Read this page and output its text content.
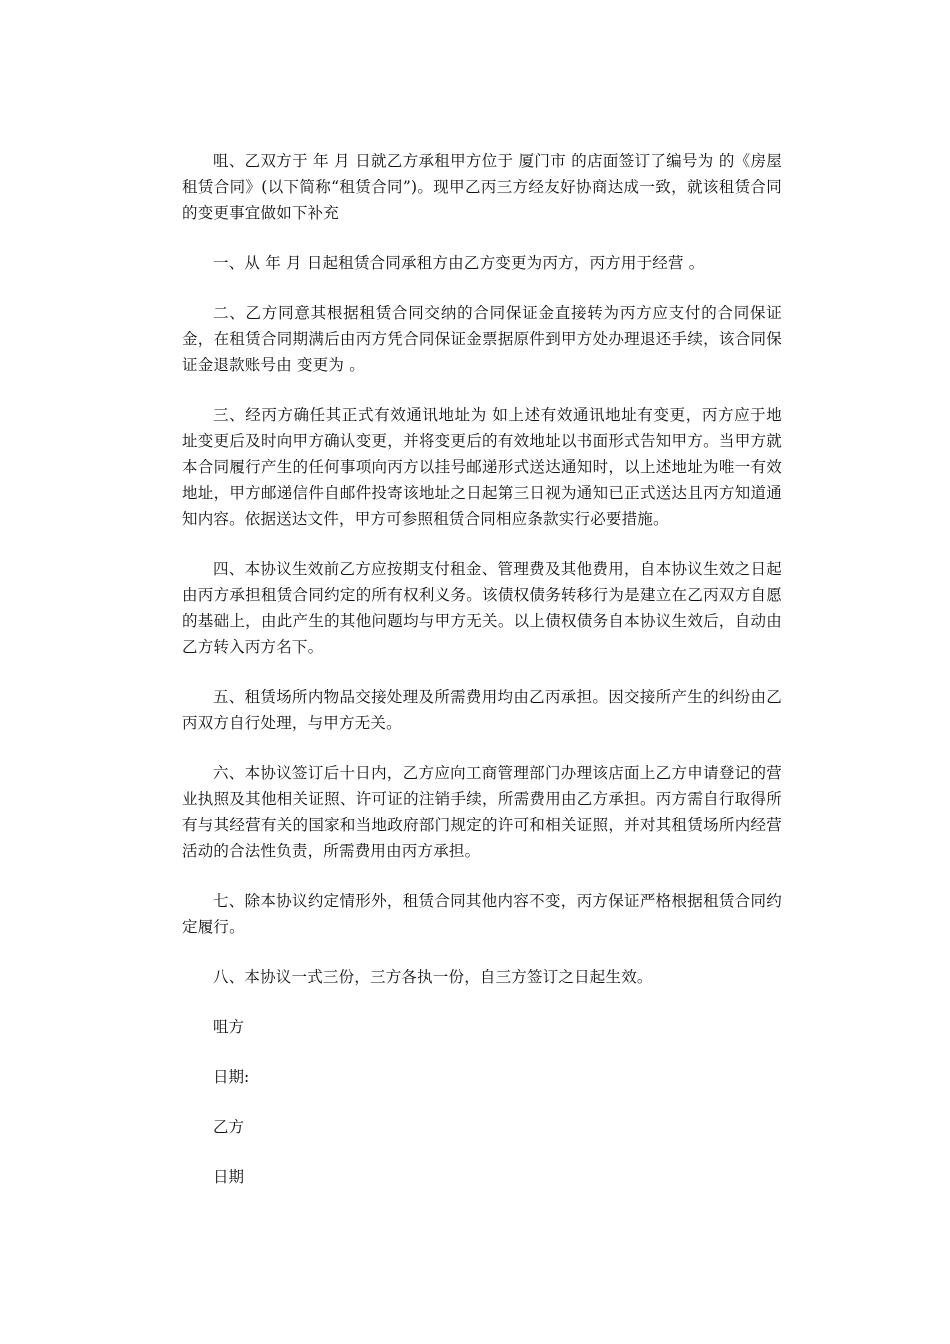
咀、乙双方于 年 月 日就乙方承租甲方位于 厦门市 的店面签订了编号为 的《房屋租赁合同》(以下简称“租赁合同”)。现甲乙丙三方经友好协商达成一致，就该租赁合同的变更事宜做如下补充

一、从 年 月 日起租赁合同承租方由乙方变更为丙方，丙方用于经营 。

二、乙方同意其根据租赁合同交纳的合同保证金直接转为丙方应支付的合同保证金，在租赁合同期满后由丙方凭合同保证金票据原件到甲方处办理退还手续，该合同保证金退款账号由 变更为 。

三、经丙方确任其正式有效通讯地址为 如上述有效通讯地址有变更，丙方应于地址变更后及时向甲方确认变更，并将变更后的有效地址以书面形式告知甲方。当甲方就本合同履行产生的任何事项向丙方以挂号邮递形式送达通知时，以上述地址为唯一有效地址，甲方邮递信件自邮件投寄该地址之日起第三日视为通知已正式送达且丙方知道通知内容。依据送达文件，甲方可参照租赁合同相应条款实行必要措施。

四、本协议生效前乙方应按期支付租金、管理费及其他费用，自本协议生效之日起由丙方承担租赁合同约定的所有权利义务。该债权债务转移行为是建立在乙丙双方自愿的基础上，由此产生的其他问题均与甲方无关。以上债权债务自本协议生效后，自动由乙方转入丙方名下。

五、租赁场所内物品交接处理及所需费用均由乙丙承担。因交接所产生的纠纷由乙丙双方自行处理，与甲方无关。

六、本协议签订后十日内，乙方应向工商管理部门办理该店面上乙方申请登记的营业执照及其他相关证照、许可证的注销手续，所需费用由乙方承担。丙方需自行取得所有与其经营有关的国家和当地政府部门规定的许可和相关证照，并对其租赁场所内经营活动的合法性负责，所需费用由丙方承担。

七、除本协议约定情形外，租赁合同其他内容不变，丙方保证严格根据租赁合同约定履行。

八、本协议一式三份，三方各执一份，自三方签订之日起生效。

咀方

日期:

乙方

日期
